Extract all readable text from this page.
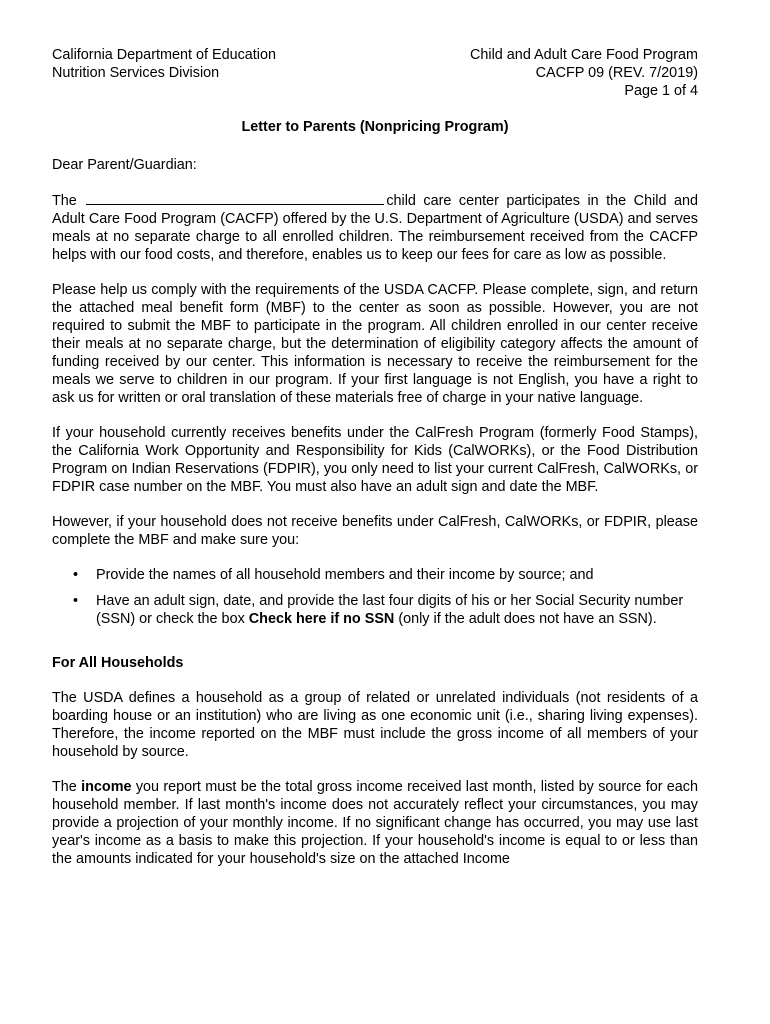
California Department of Education
Nutrition Services Division
Child and Adult Care Food Program
CACFP 09 (REV. 7/2019)
Page 1 of 4
Letter to Parents (Nonpricing Program)

Dear Parent/Guardian:

The	child care center participates in the Child and Adult Care Food Program (CACFP) offered by the U.S. Department of Agriculture (USDA) and serves meals at no separate charge to all enrolled children. The reimbursement received from the CACFP helps with our food costs, and therefore, enables us to keep our fees for care as low as possible.

Please help us comply with the requirements of the USDA CACFP. Please complete, sign, and return the attached meal benefit form (MBF) to the center as soon as possible. However, you are not required to submit the MBF to participate in the program. All children enrolled in our center receive their meals at no separate charge, but the determination of eligibility category affects the amount of funding received by our center. This information is necessary to receive the reimbursement for the meals we serve to children in our program. If your first language is not English, you have a right to ask us for written or oral translation of these materials free of charge in your native language.

If your household currently receives benefits under the CalFresh Program (formerly Food Stamps), the California Work Opportunity and Responsibility for Kids (CalWORKs), or the Food Distribution Program on Indian Reservations (FDPIR), you only need to list your current CalFresh, CalWORKs, or FDPIR case number on the MBF. You must also have an adult sign and date the MBF.

However, if your household does not receive benefits under CalFresh, CalWORKs, or FDPIR, please complete the MBF and make sure you:

• Provide the names of all household members and their income by source; and
• Have an adult sign, date, and provide the last four digits of his or her Social Security number (SSN) or check the box Check here if no SSN (only if the adult does not have an SSN).
For All Households

The USDA defines a household as a group of related or unrelated individuals (not residents of a boarding house or an institution) who are living as one economic unit (i.e., sharing living expenses). Therefore, the income reported on the MBF must include the gross income of all members of your household by source.

The income you report must be the total gross income received last month, listed by source for each household member. If last month's income does not accurately reflect your circumstances, you may provide a projection of your monthly income. If no significant change has occurred, you may use last year's income as a basis to make this projection. If your household's income is equal to or less than the amounts indicated for your household's size on the attached Income
